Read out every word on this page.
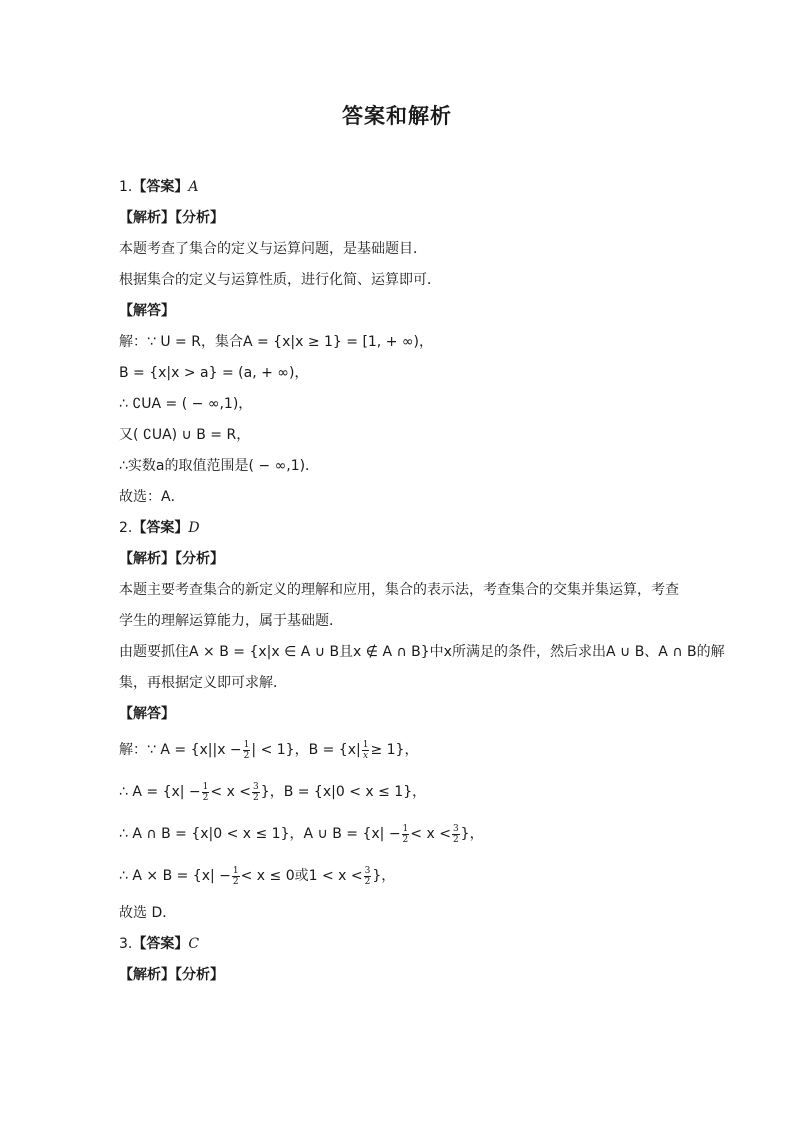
答案和解析
1. 【答案】 A
【解析】【分析】
本题考查了集合的定义与运算问题，是基础题目．
根据集合的定义与运算性质，进行化简、运算即可．
【解答】
解：∵ U = R，集合A = {x|x ≥ 1} = [1, + ∞)，
B = {x|x > a} = (a, + ∞)，
∴ ∁UA = ( − ∞,1)，
又( ∁UA) ∪ B = R，
∴实数a的取值范围是( − ∞,1)．
故选：A．
2. 【答案】 D
【解析】【分析】
本题主要考查集合的新定义的理解和应用，集合的表示法，考查集合的交集并集运算，考查
学生的理解运算能力，属于基础题．
由题要抓住A × B = {x|x ∈ A ∪ B且x ∉ A ∩ B}中x所满足的条件，然后求出A ∪ B、A ∩ B的解
集，再根据定义即可求解．
【解答】
解：∵ $A = \{x||x - \frac{1}{2}$ | < 1}，$B = \{x| \frac{1}{x} \ge 1\}$，
∴ $A = \{x| - \frac{1}{2} < x < \frac{3}{2}$ }，B = {x|0 < x ≤ 1}，
∴ A ∩ B = {x|0 < x ≤ 1}，A ∪ $B = \{x| - \frac{1}{2} < x < \frac{3}{2}$ }，
∴ $A \times B = \{x| - \frac{1}{2} < x \le 0$或$1 < x < \frac{3}{2}$ }，
故选 D．
3. 【答案】 C
【解析】【分析】
